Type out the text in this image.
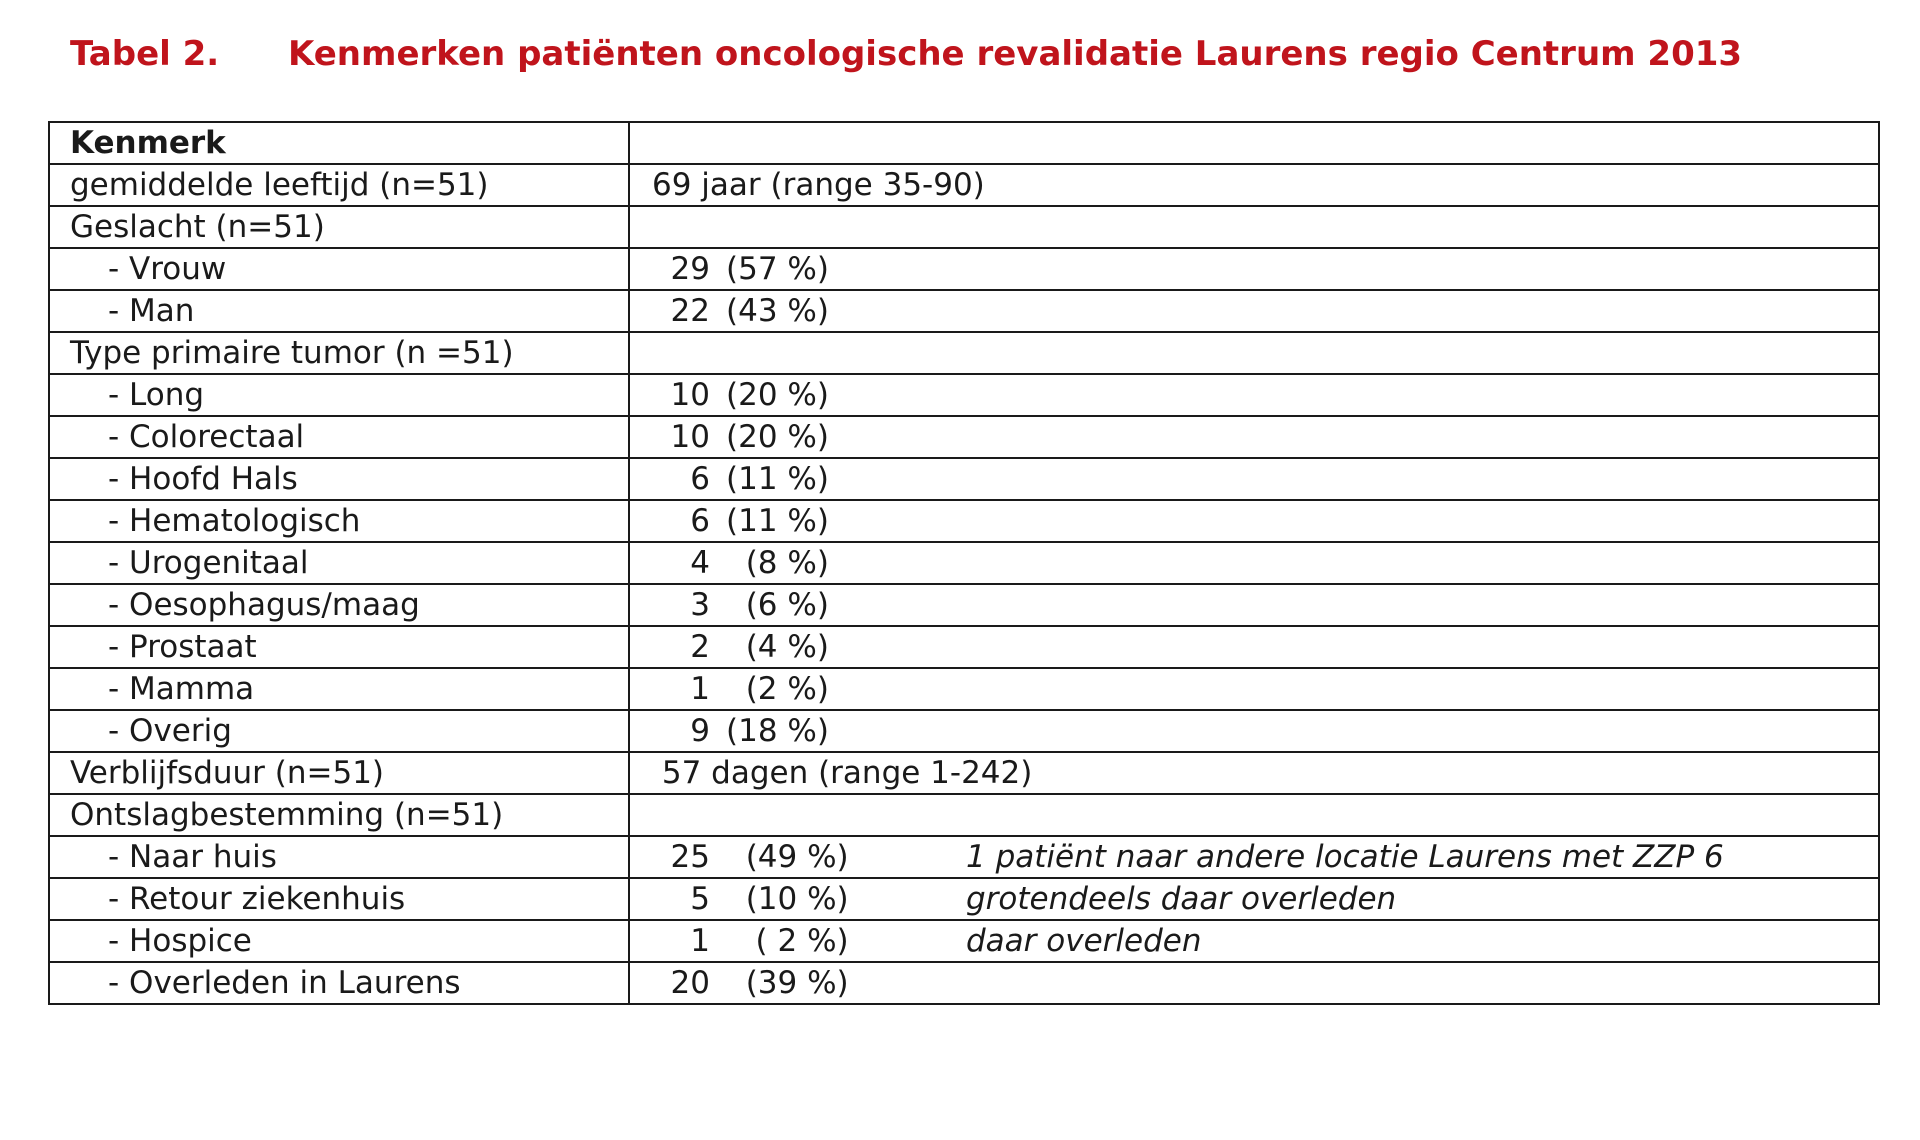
Tabel 2. Kenmerken patiënten oncologische revalidatie Laurens regio Centrum 2013
Kenmerk	
gemiddelde leeftijd (n=51)	69 jaar (range 35-90)
Geslacht (n=51)	
- Vrouw	29 (57 %)
- Man	22 (43 %)
Type primaire tumor (n =51)	
- Long	10 (20 %)
- Colorectaal	10 (20 %)
- Hoofd Hals	6 (11 %)
- Hematologisch	6 (11 %)
- Urogenitaal	4  (8 %)
- Oesophagus/maag	3  (6 %)
- Prostaat	2  (4 %)
- Mamma	1  (2 %)
- Overig	9 (18 %)
Verblijfsduur (n=51)	57 dagen (range 1-242)
Ontslagbestemming (n=51)	
- Naar huis	25  (49 %) 1 patiënt naar andere locatie Laurens met ZZP 6
- Retour ziekenhuis	5  (10 %) grotendeels daar overleden
- Hospice	1   ( 2 %) daar overleden
- Overleden in Laurens	20  (39 %)
